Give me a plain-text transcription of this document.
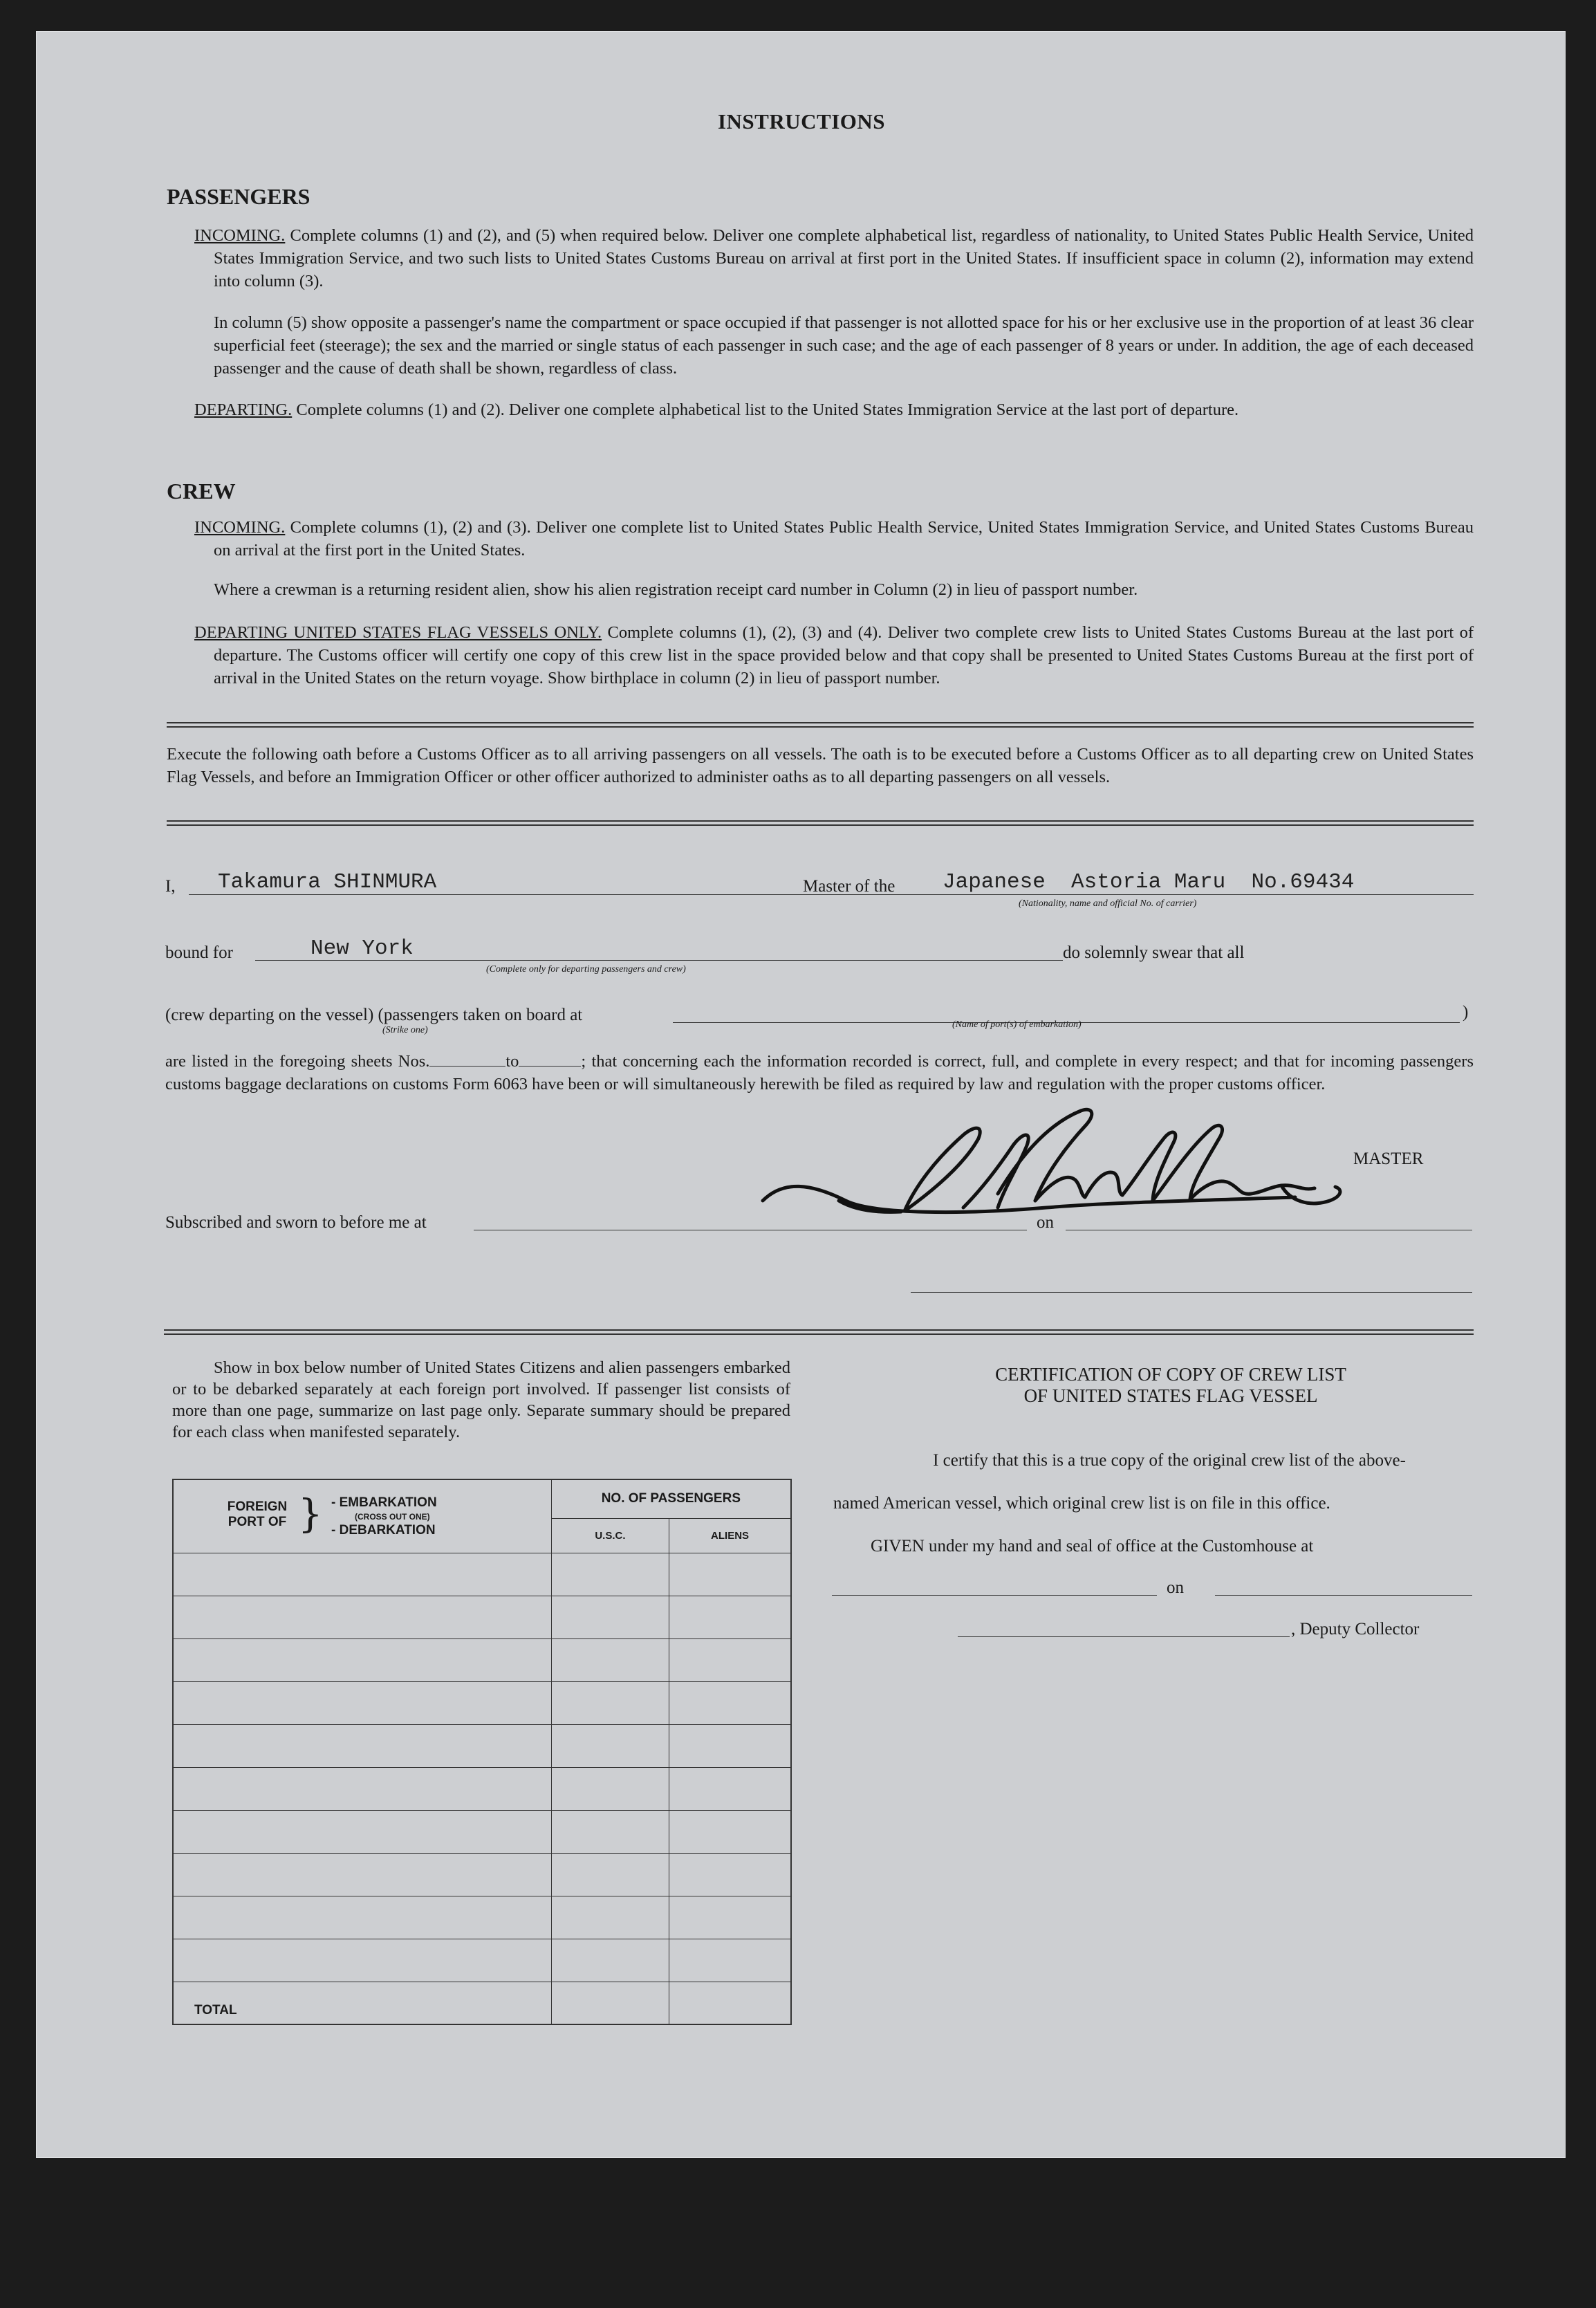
INSTRUCTIONS
PASSENGERS
INCOMING. Complete columns (1) and (2), and (5) when required below. Deliver one complete alphabetical list, regardless of nationality, to United States Public Health Service, United States Immigration Service, and two such lists to United States Customs Bureau on arrival at first port in the United States. If insufficient space in column (2), information may extend into column (3).
In column (5) show opposite a passenger's name the compartment or space occupied if that passenger is not allotted space for his or her exclusive use in the proportion of at least 36 clear superficial feet (steerage); the sex and the married or single status of each passenger in such case; and the age of each passenger of 8 years or under. In addition, the age of each deceased passenger and the cause of death shall be shown, regardless of class.
DEPARTING. Complete columns (1) and (2). Deliver one complete alphabetical list to the United States Immigration Service at the last port of departure.
CREW
INCOMING. Complete columns (1), (2) and (3). Deliver one complete list to United States Public Health Service, United States Immigration Service, and United States Customs Bureau on arrival at the first port in the United States.
Where a crewman is a returning resident alien, show his alien registration receipt card number in Column (2) in lieu of passport number.
DEPARTING UNITED STATES FLAG VESSELS ONLY. Complete columns (1), (2), (3) and (4). Deliver two complete crew lists to United States Customs Bureau at the last port of departure. The Customs officer will certify one copy of this crew list in the space provided below and that copy shall be presented to United States Customs Bureau at the first port of arrival in the United States on the return voyage. Show birthplace in column (2) in lieu of passport number.
Execute the following oath before a Customs Officer as to all arriving passengers on all vessels. The oath is to be executed before a Customs Officer as to all departing crew on United States Flag Vessels, and before an Immigration Officer or other officer authorized to administer oaths as to all departing passengers on all vessels.
I, Takamura SHINMURA	Master of the Japanese  Astoria Maru  No.69434
(Nationality, name and official No. of carrier)
bound for	New York
(Complete only for departing passengers and crew)
do solemnly swear that all
(crew departing on the vessel) (passengers taken on board at
(Strike one)
)
(Name of port(s) of embarkation)
are listed in the foregoing sheets Nos.	to	; that concerning each the information recorded is correct, full, and complete in every respect; and that for incoming passengers customs baggage declarations on customs Form 6063 have been or will simultaneously herewith be filed as required by law and regulation with the proper customs officer.
MASTER
Subscribed and sworn to before me at	on
Show in box below number of United States Citizens and alien passengers embarked or to be debarked separately at each foreign port involved. If passenger list consists of more than one page, summarize on last page only. Separate summary should be prepared for each class when manifested separately.
FOREIGN PORT OF } - EMBARKATION
(CROSS OUT ONE)
- DEBARKATION	NO. OF PASSENGERS	
	U.S.C.	ALIENS

TOTAL		
CERTIFICATION OF COPY OF CREW LIST
OF UNITED STATES FLAG VESSEL
I certify that this is a true copy of the original crew list of the above-
named American vessel, which original crew list is on file in this office.
GIVEN under my hand and seal of office at the Customhouse at
on
, Deputy Collector
